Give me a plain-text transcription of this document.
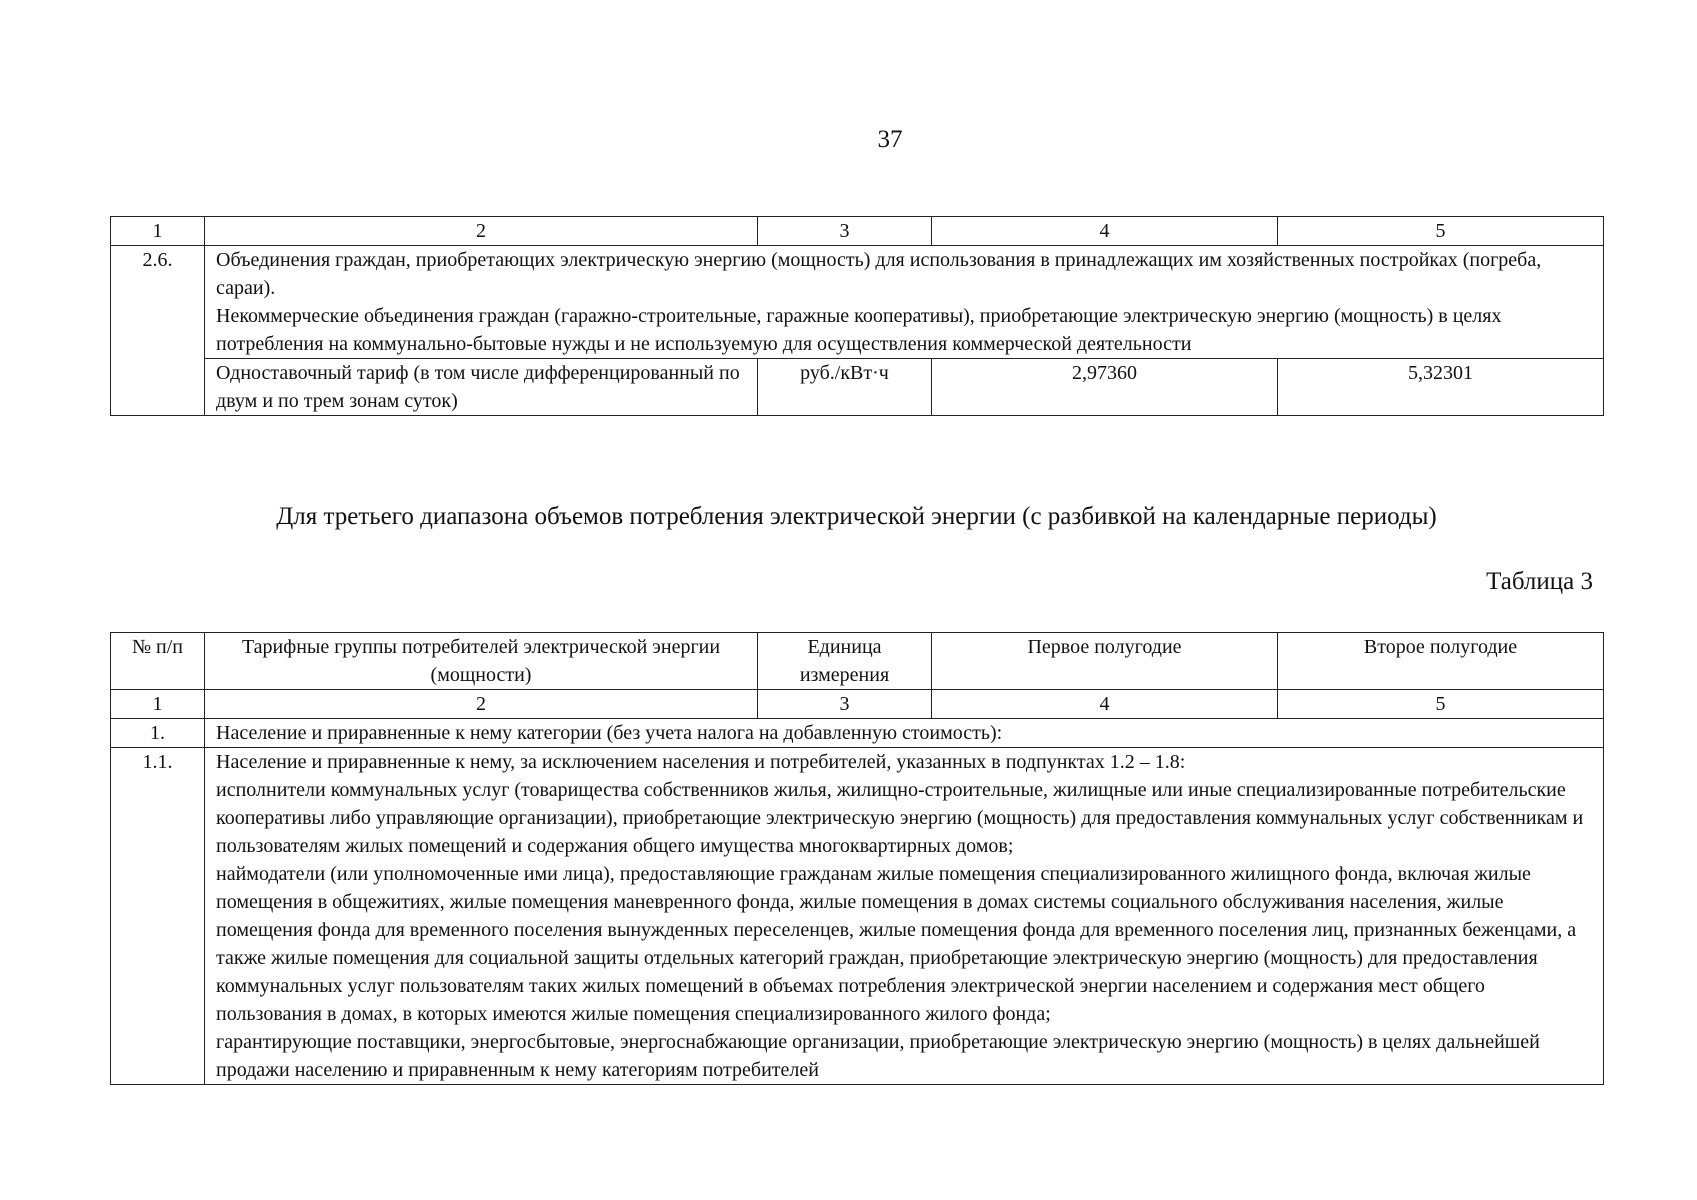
37
1	2	3	4	5
2.6.	Объединения граждан, приобретающих электрическую энергию (мощность) для использования в принадлежащих им хозяйственных постройках (погреба, сараи).
Некоммерческие объединения граждан (гаражно-строительные, гаражные кооперативы), приобретающие электрическую энергию (мощность) в целях потребления на коммунально-бытовые нужды и не используемую для осуществления коммерческой деятельности			

	Одноставочный тариф (в том числе дифференцированный по двум и по трем зонам суток)	руб./кВт·ч	2,97360	5,32301
Для третьего диапазона объемов потребления электрической энергии (с разбивкой на календарные периоды)
Таблица 3
№ п/п	Тарифные группы потребителей электрической энергии (мощности)	Единица измерения	Первое полугодие	Второе полугодие
1	2	3	4	5
1.	Население и приравненные к нему категории (без учета налога на добавленную стоимость):			
1.1.	Население и приравненные к нему, за исключением населения и потребителей, указанных в подпунктах 1.2 – 1.8:
исполнители коммунальных услуг (товарищества собственников жилья, жилищно-строительные, жилищные или иные специализированные потребительские кооперативы либо управляющие организации), приобретающие электрическую энергию (мощность) для предоставления коммунальных услуг собственникам и пользователям жилых помещений и содержания общего имущества многоквартирных домов;
наймодатели (или уполномоченные ими лица), предоставляющие гражданам жилые помещения специализированного жилищного фонда, включая жилые помещения в общежитиях, жилые помещения маневренного фонда, жилые помещения в домах системы социального обслуживания населения, жилые помещения фонда для временного поселения вынужденных переселенцев, жилые помещения фонда для временного поселения лиц, признанных беженцами, а также жилые помещения для социальной защиты отдельных категорий граждан, приобретающие электрическую энергию (мощность) для предоставления коммунальных услуг пользователям таких жилых помещений в объемах потребления электрической энергии населением и содержания мест общего пользования в домах, в которых имеются жилые помещения специализированного жилого фонда;
гарантирующие поставщики, энергосбытовые, энергоснабжающие организации, приобретающие электрическую энергию (мощность) в целях дальнейшей продажи населению и приравненным к нему категориям потребителей			
